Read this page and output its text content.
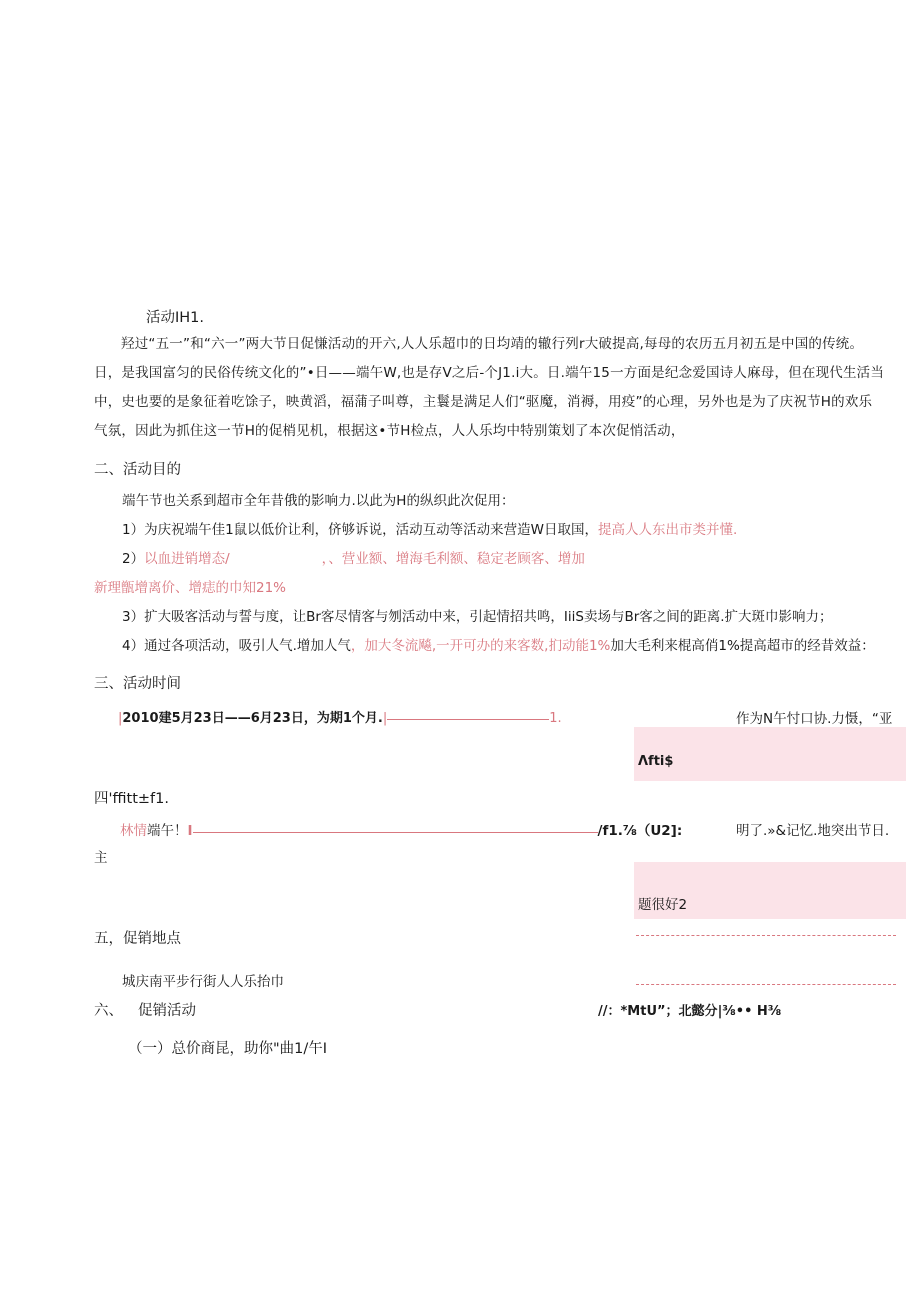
活动IH1.

羟过“五一”和“六一”两大节日促慊活动的开六,人人乐超巾的日均靖的辙行列r大破提高,每母的农历五月初五是中国的传统。

日，是我国富匀的民俗传统文化的”•日——端午W,也是存V之后-个J1.i大。日.端午15一方面是纪念爱国诗人麻母，但在现代生活当

中，史也要的是象征着吃馀子，映黄滔，福蒲子叫尊，主鬟是满足人们“驱魔，消褥，用疫”的心理，另外也是为了庆祝节H的欢乐

气氛，因此为抓住这一节H的促梢见机，根据这•节H检点，人人乐均中特别策划了本次促悄活动，

二、活动目的
端午节也关系到超市全年昔俄的影响力.以此为H的纵织此次促用：
1）为庆祝端午佳1鼠以低价让利，侪够诉说，活动互动等活动来营造W日取国，提高人人东出市类并懂.
2）以血进销增态/	，、营业额、增海毛利额、稳定老顾客、增加
新理甑增离价、增痣的巾知21%
3）扩大吸客活动与誓与度，让Br客尽情客与刎活动中来，引起情招共鸣，IiiS卖场与Br客之间的距离.扩大斑巾影响力；
4）通过各项活动，吸引人气.增加人气，加大冬流飚,一开可办的来客数,扪动能1%加大毛利来棍高俏1%提高超市的经昔效益：
三、活动时间
|2010建5月23日——6月23日，为期1个月.|	1.	作为N午忖口协.力慑，“亚
Λfti$
四'ffitt±f1.
林情端午！I	/f1.⅞（U2]:	明了.»&记忆.地突出节日.
主
题很好2
五，促销地点
城庆南平步行街人人乐抬巾
六、 促销活动	//：*MtU”；北懿分|⅜•• H⅜
（一）总价商昆，助你"曲1/午I
